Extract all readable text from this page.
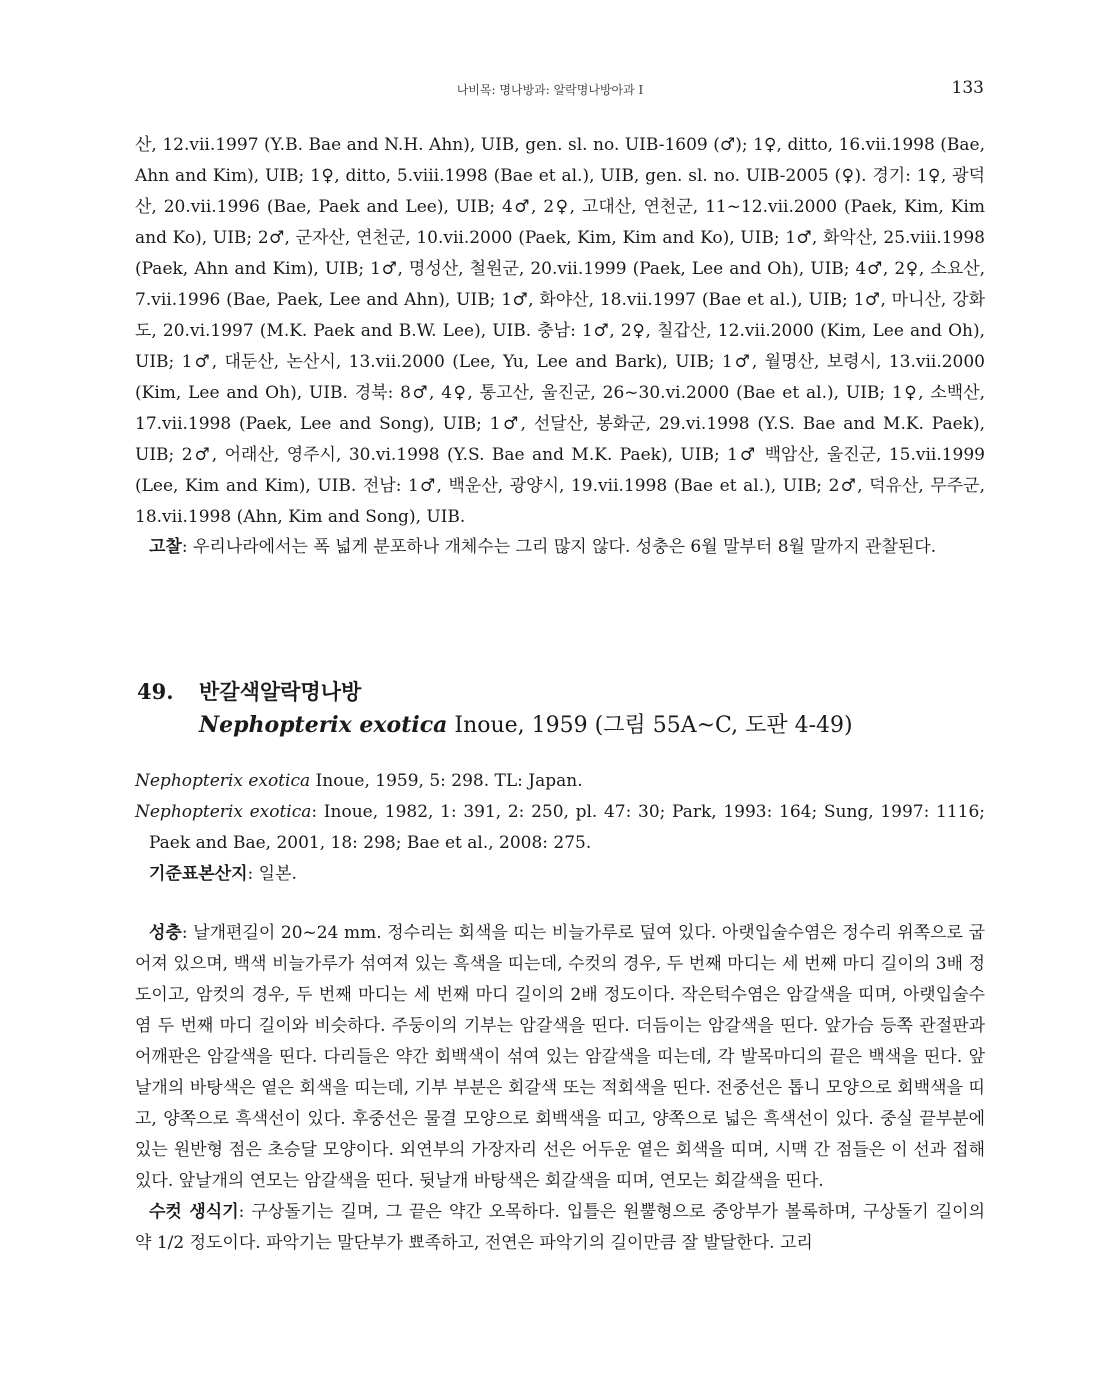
나비목: 명나방과: 알락명나방아과 I	133

산, 12.vii.1997 (Y.B. Bae and N.H. Ahn), UIB, gen. sl. no. UIB-1609 (♂); 1♀, ditto, 16.vii.1998 (Bae, Ahn and Kim), UIB; 1♀, ditto, 5.viii.1998 (Bae et al.), UIB, gen. sl. no. UIB-2005 (♀). 경기: 1♀, 광덕산, 20.vii.1996 (Bae, Paek and Lee), UIB; 4♂, 2♀, 고대산, 연천군, 11~12.vii.2000 (Paek, Kim, Kim and Ko), UIB; 2♂, 군자산, 연천군, 10.vii.2000 (Paek, Kim, Kim and Ko), UIB; 1♂, 화악산, 25.viii.1998 (Paek, Ahn and Kim), UIB; 1♂, 명성산, 철원군, 20.vii.1999 (Paek, Lee and Oh), UIB; 4♂, 2♀, 소요산, 7.vii.1996 (Bae, Paek, Lee and Ahn), UIB; 1♂, 화야산, 18.vii.1997 (Bae et al.), UIB; 1♂, 마니산, 강화도, 20.vi.1997 (M.K. Paek and B.W. Lee), UIB. 충남: 1♂, 2♀, 칠갑산, 12.vii.2000 (Kim, Lee and Oh), UIB; 1♂, 대둔산, 논산시, 13.vii.2000 (Lee, Yu, Lee and Bark), UIB; 1♂, 월명산, 보령시, 13.vii.2000 (Kim, Lee and Oh), UIB. 경북: 8♂, 4♀, 통고산, 울진군, 26~30.vi.2000 (Bae et al.), UIB; 1♀, 소백산, 17.vii.1998 (Paek, Lee and Song), UIB; 1♂, 선달산, 봉화군, 29.vi.1998 (Y.S. Bae and M.K. Paek), UIB; 2♂, 어래산, 영주시, 30.vi.1998 (Y.S. Bae and M.K. Paek), UIB; 1♂ 백암산, 울진군, 15.vii.1999 (Lee, Kim and Kim), UIB. 전남: 1♂, 백운산, 광양시, 19.vii.1998 (Bae et al.), UIB; 2♂, 덕유산, 무주군, 18.vii.1998 (Ahn, Kim and Song), UIB.

고찰: 우리나라에서는 폭 넓게 분포하나 개체수는 그리 많지 않다. 성충은 6월 말부터 8월 말까지 관찰된다.

49. 반갈색알락명나방
Nephopterix exotica Inoue, 1959 (그림 55A~C, 도판 4-49)

Nephopterix exotica Inoue, 1959, 5: 298. TL: Japan.

Nephopterix exotica: Inoue, 1982, 1: 391, 2: 250, pl. 47: 30; Park, 1993: 164; Sung, 1997: 1116; Paek and Bae, 2001, 18: 298; Bae et al., 2008: 275.

기준표본산지: 일본.

성충: 날개편길이 20~24 mm. 정수리는 회색을 띠는 비늘가루로 덮여 있다. 아랫입술수염은 정수리 위쪽으로 굽어져 있으며, 백색 비늘가루가 섞여져 있는 흑색을 띠는데, 수컷의 경우, 두 번째 마디는 세 번째 마디 길이의 3배 정도이고, 암컷의 경우, 두 번째 마디는 세 번째 마디 길이의 2배 정도이다. 작은턱수염은 암갈색을 띠며, 아랫입술수염 두 번째 마디 길이와 비슷하다. 주둥이의 기부는 암갈색을 띤다. 더듬이는 암갈색을 띤다. 앞가슴 등쪽 관절판과 어깨판은 암갈색을 띤다. 다리들은 약간 회백색이 섞여 있는 암갈색을 띠는데, 각 발목마디의 끝은 백색을 띤다. 앞날개의 바탕색은 옅은 회색을 띠는데, 기부 부분은 회갈색 또는 적회색을 띤다. 전중선은 톱니 모양으로 회백색을 띠고, 양쪽으로 흑색선이 있다. 후중선은 물결 모양으로 회백색을 띠고, 양쪽으로 넓은 흑색선이 있다. 중실 끝부분에 있는 원반형 점은 초승달 모양이다. 외연부의 가장자리 선은 어두운 옅은 회색을 띠며, 시맥 간 점들은 이 선과 접해 있다. 앞날개의 연모는 암갈색을 띤다. 뒷날개 바탕색은 회갈색을 띠며, 연모는 회갈색을 띤다.

수컷 생식기: 구상돌기는 길며, 그 끝은 약간 오목하다. 입틀은 원뿔형으로 중앙부가 볼록하며, 구상돌기 길이의 약 1/2 정도이다. 파악기는 말단부가 뾰족하고, 전연은 파악기의 길이만큼 잘 발달한다. 고리
